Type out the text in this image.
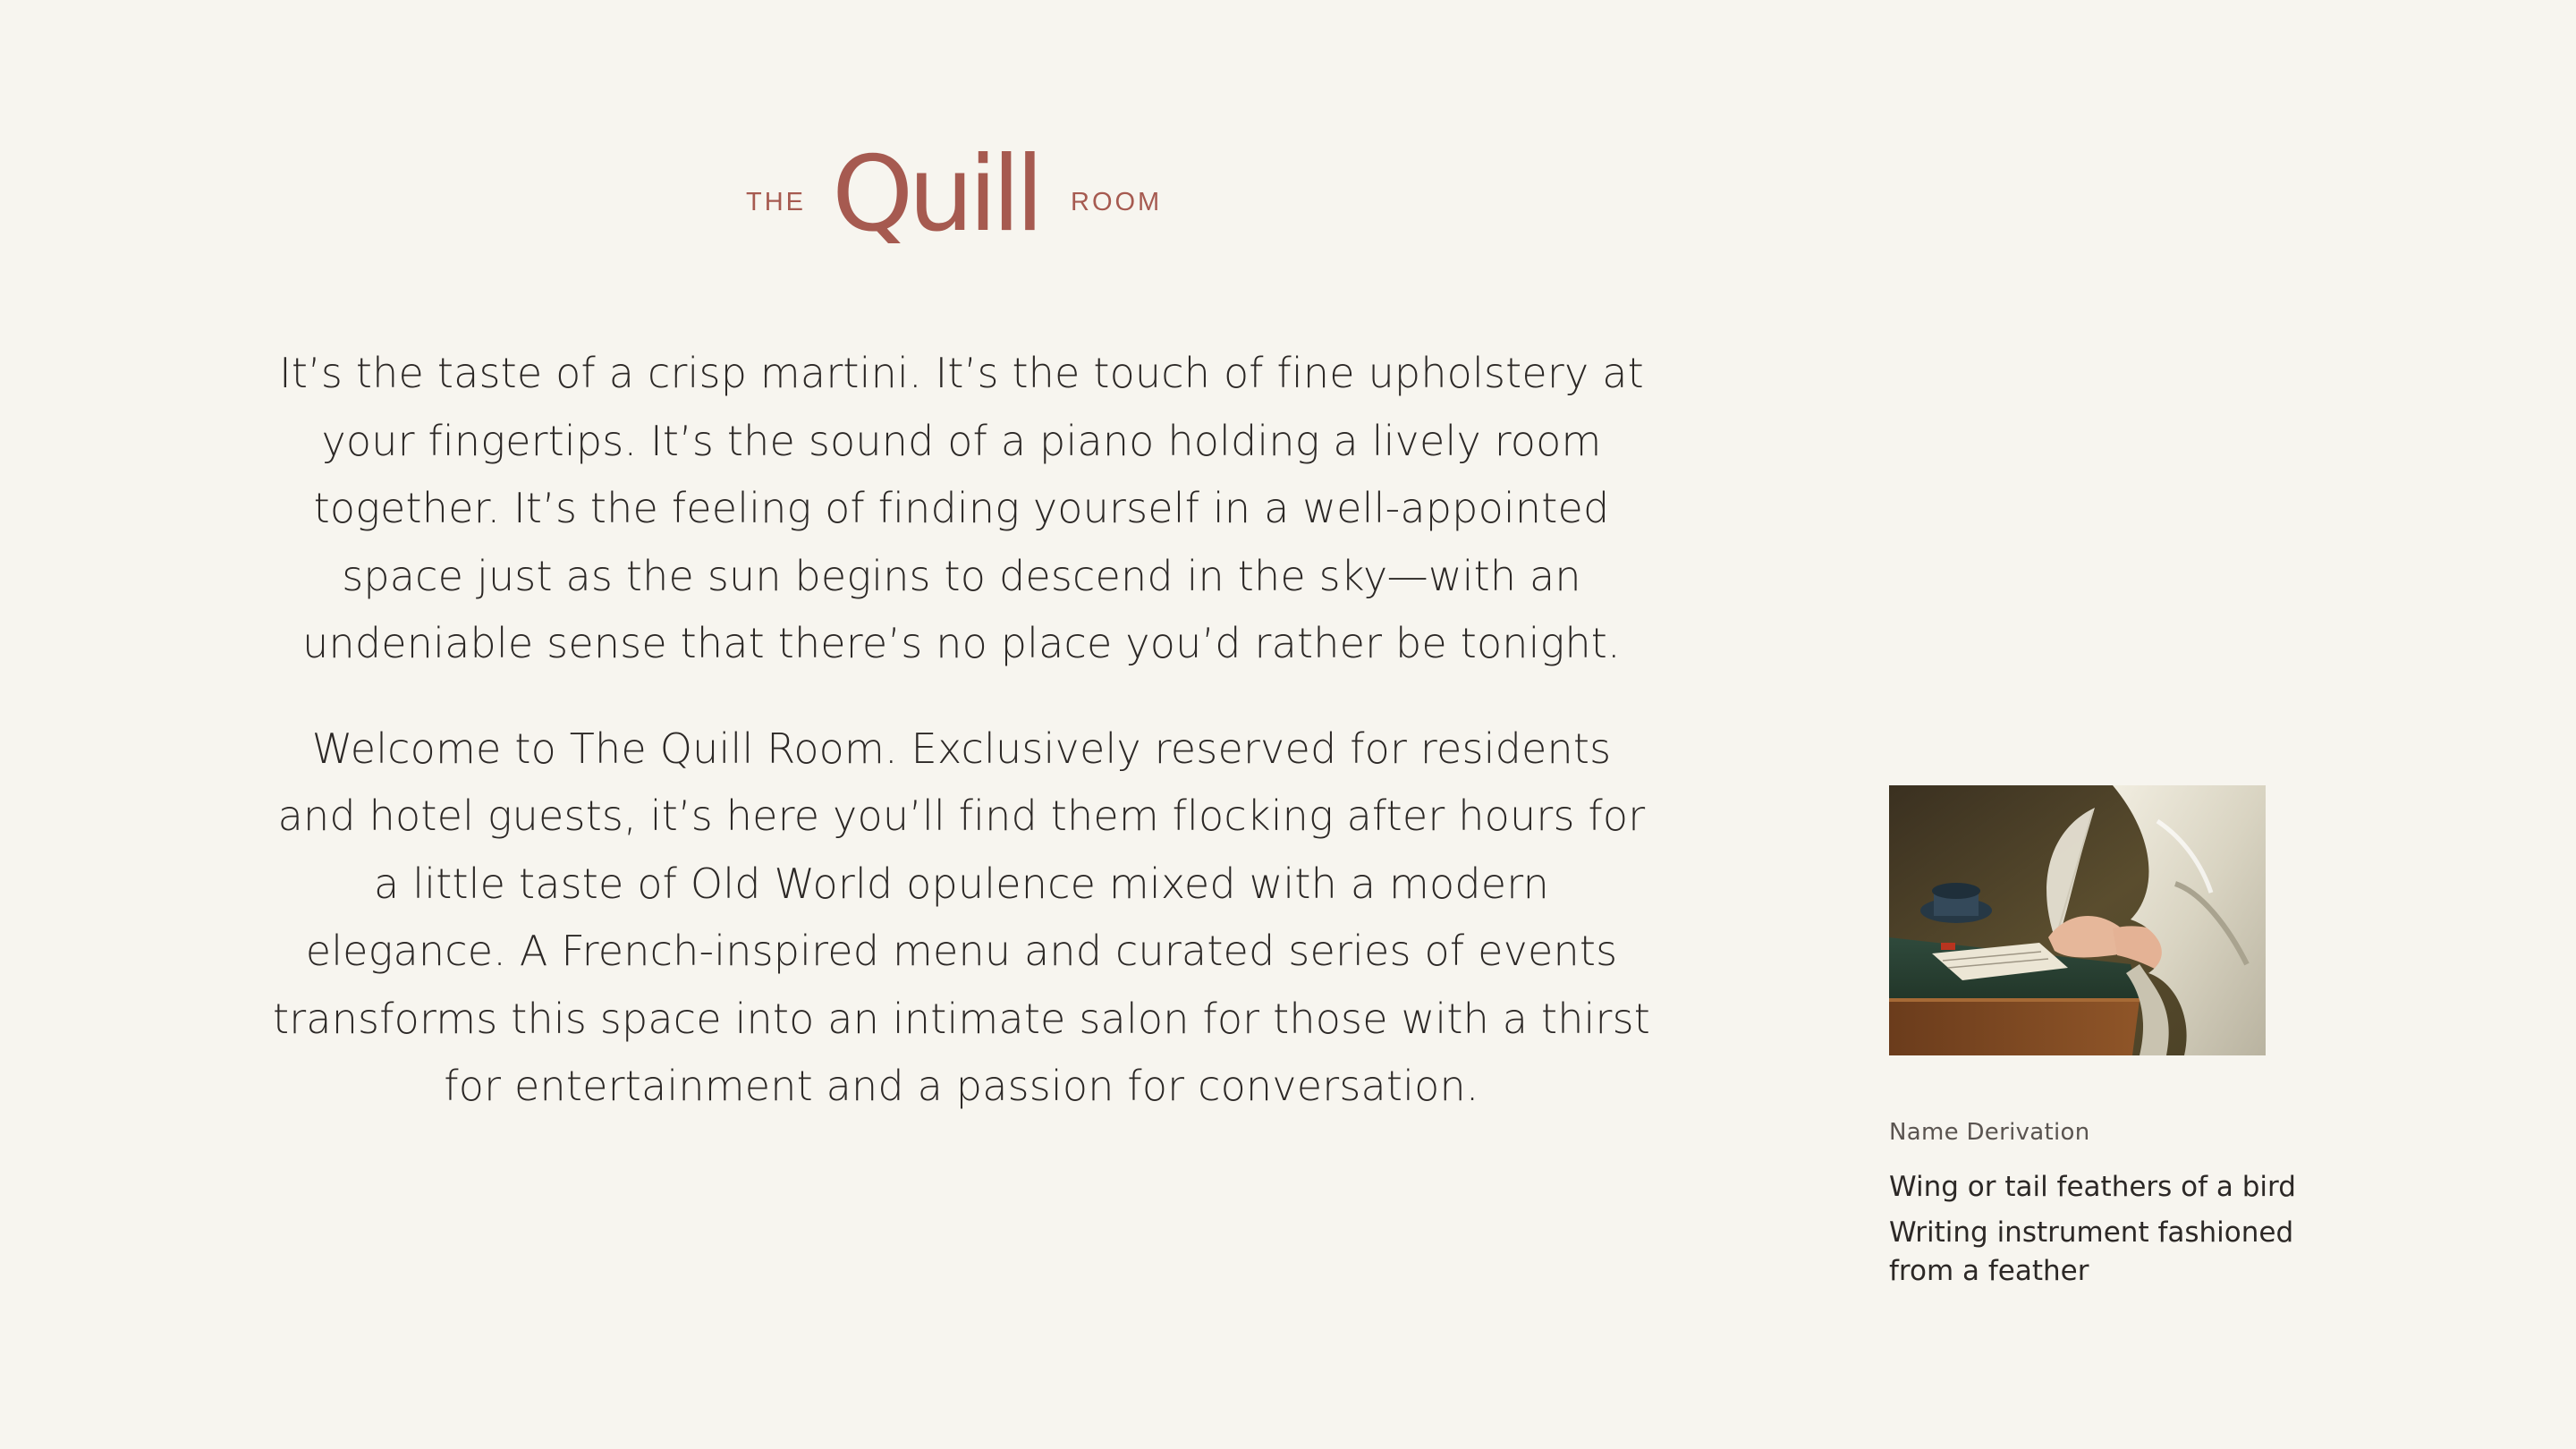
THE Quill ROOM

It’s the taste of a crisp martini. It’s the touch of fine upholstery at your fingertips. It’s the sound of a piano holding a lively room together. It’s the feeling of finding yourself in a well-appointed space just as the sun begins to descend in the sky—with an undeniable sense that there’s no place you’d rather be tonight.

Welcome to The Quill Room. Exclusively reserved for residents and hotel guests, it’s here you’ll find them flocking after hours for a little taste of Old World opulence mixed with a modern elegance. A French-inspired menu and curated series of events transforms this space into an intimate salon for those with a thirst for entertainment and a passion for conversation.

Name Derivation
Wing or tail feathers of a bird
Writing instrument fashioned from a feather
